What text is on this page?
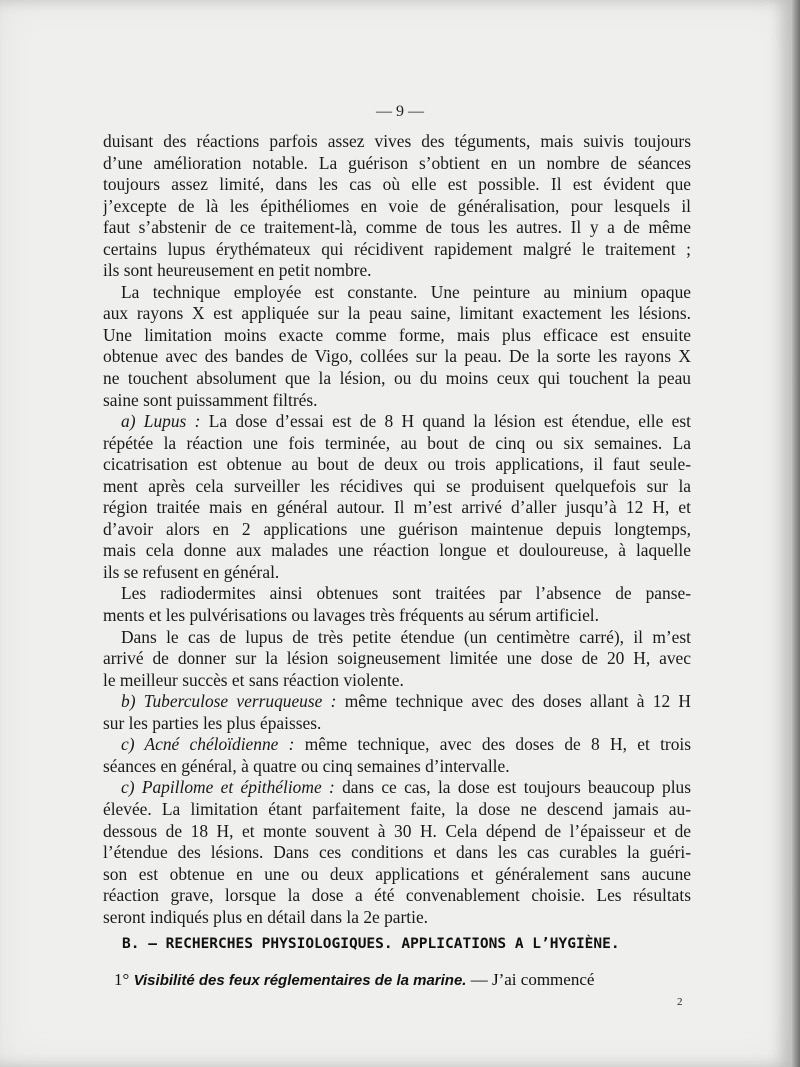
— 9 —
duisant des réactions parfois assez vives des téguments, mais suivis toujours
d’une amélioration notable. La guérison s’obtient en un nombre de séances
toujours assez limité, dans les cas où elle est possible. Il est évident que
j’excepte de là les épithéliomes en voie de généralisation, pour lesquels il
faut s’abstenir de ce traitement-là, comme de tous les autres. Il y a de même
certains lupus érythémateux qui récidivent rapidement malgré le traitement ;
ils sont heureusement en petit nombre.
La technique employée est constante. Une peinture au minium opaque
aux rayons X est appliquée sur la peau saine, limitant exactement les lésions.
Une limitation moins exacte comme forme, mais plus efficace est ensuite
obtenue avec des bandes de Vigo, collées sur la peau. De la sorte les rayons X
ne touchent absolument que la lésion, ou du moins ceux qui touchent la peau
saine sont puissamment filtrés.
a) Lupus : La dose d’essai est de 8 H quand la lésion est étendue, elle est
répétée la réaction une fois terminée, au bout de cinq ou six semaines. La
cicatrisation est obtenue au bout de deux ou trois applications, il faut seule-
ment après cela surveiller les récidives qui se produisent quelquefois sur la
région traitée mais en général autour. Il m’est arrivé d’aller jusqu’à 12 H, et
d’avoir alors en 2 applications une guérison maintenue depuis longtemps,
mais cela donne aux malades une réaction longue et douloureuse, à laquelle
ils se refusent en général.
Les radiodermites ainsi obtenues sont traitées par l’absence de panse-
ments et les pulvérisations ou lavages très fréquents au sérum artificiel.
Dans le cas de lupus de très petite étendue (un centimètre carré), il m’est
arrivé de donner sur la lésion soigneusement limitée une dose de 20 H, avec
le meilleur succès et sans réaction violente.
b) Tuberculose verruqueuse : même technique avec des doses allant à 12 H
sur les parties les plus épaisses.
c) Acné chéloïdienne : même technique, avec des doses de 8 H, et trois
séances en général, à quatre ou cinq semaines d’intervalle.
c) Papillome et épithéliome : dans ce cas, la dose est toujours beaucoup plus
élevée. La limitation étant parfaitement faite, la dose ne descend jamais au-
dessous de 18 H, et monte souvent à 30 H. Cela dépend de l’épaisseur et de
l’étendue des lésions. Dans ces conditions et dans les cas curables la guéri-
son est obtenue en une ou deux applications et généralement sans aucune
réaction grave, lorsque la dose a été convenablement choisie. Les résultats
seront indiqués plus en détail dans la 2e partie.
B. — RECHERCHES PHYSIOLOGIQUES. APPLICATIONS A L’HYGIÈNE.
1° Visibilité des feux réglementaires de la marine. — J’ai commencé
2
